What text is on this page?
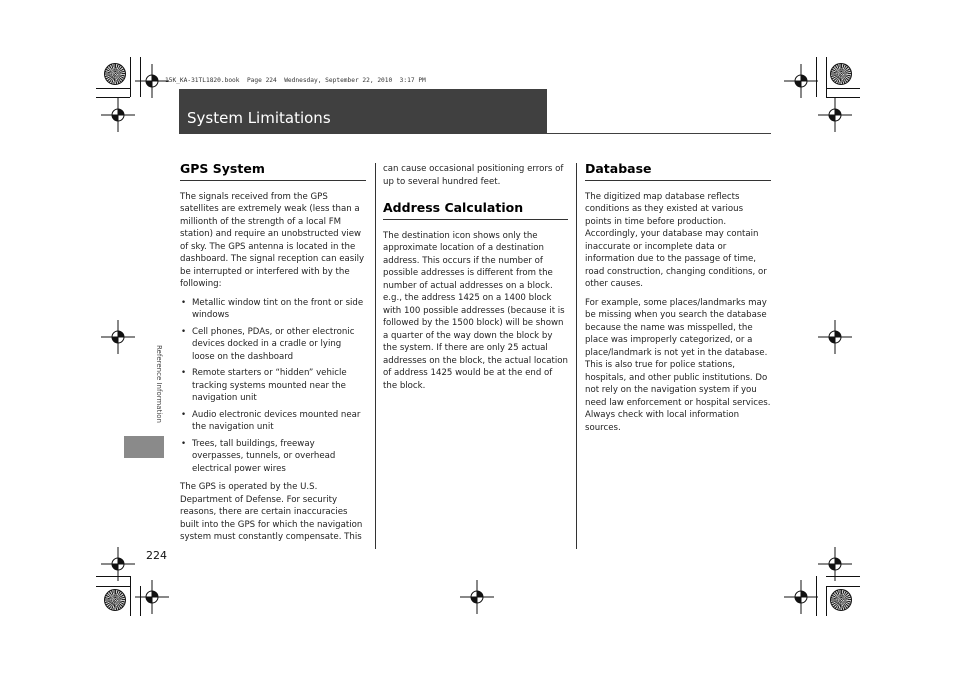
15K_KA-31TL1820.book  Page 224  Wednesday, September 22, 2010  3:17 PM
System Limitations
Reference Information
GPS System

The signals received from the GPS satellites are extremely weak (less than a millionth of the strength of a local FM station) and require an unobstructed view of sky. The GPS antenna is located in the dashboard. The signal reception can easily be interrupted or interfered with by the following:

• Metallic window tint on the front or side windows
• Cell phones, PDAs, or other electronic devices docked in a cradle or lying loose on the dashboard
• Remote starters or “hidden” vehicle tracking systems mounted near the navigation unit
• Audio electronic devices mounted near the navigation unit
• Trees, tall buildings, freeway overpasses, tunnels, or overhead electrical power wires

The GPS is operated by the U.S. Department of Defense. For security reasons, there are certain inaccuracies built into the GPS for which the navigation system must constantly compensate. This

can cause occasional positioning errors of up to several hundred feet.

Address Calculation

The destination icon shows only the approximate location of a destination address. This occurs if the number of possible addresses is different from the number of actual addresses on a block. e.g., the address 1425 on a 1400 block with 100 possible addresses (because it is followed by the 1500 block) will be shown a quarter of the way down the block by the system. If there are only 25 actual addresses on the block, the actual location of address 1425 would be at the end of the block.

Database

The digitized map database reflects conditions as they existed at various points in time before production. Accordingly, your database may contain inaccurate or incomplete data or information due to the passage of time, road construction, changing conditions, or other causes.

For example, some places/landmarks may be missing when you search the database because the name was misspelled, the place was improperly categorized, or a place/landmark is not yet in the database. This is also true for police stations, hospitals, and other public institutions. Do not rely on the navigation system if you need law enforcement or hospital services. Always check with local information sources.

224
